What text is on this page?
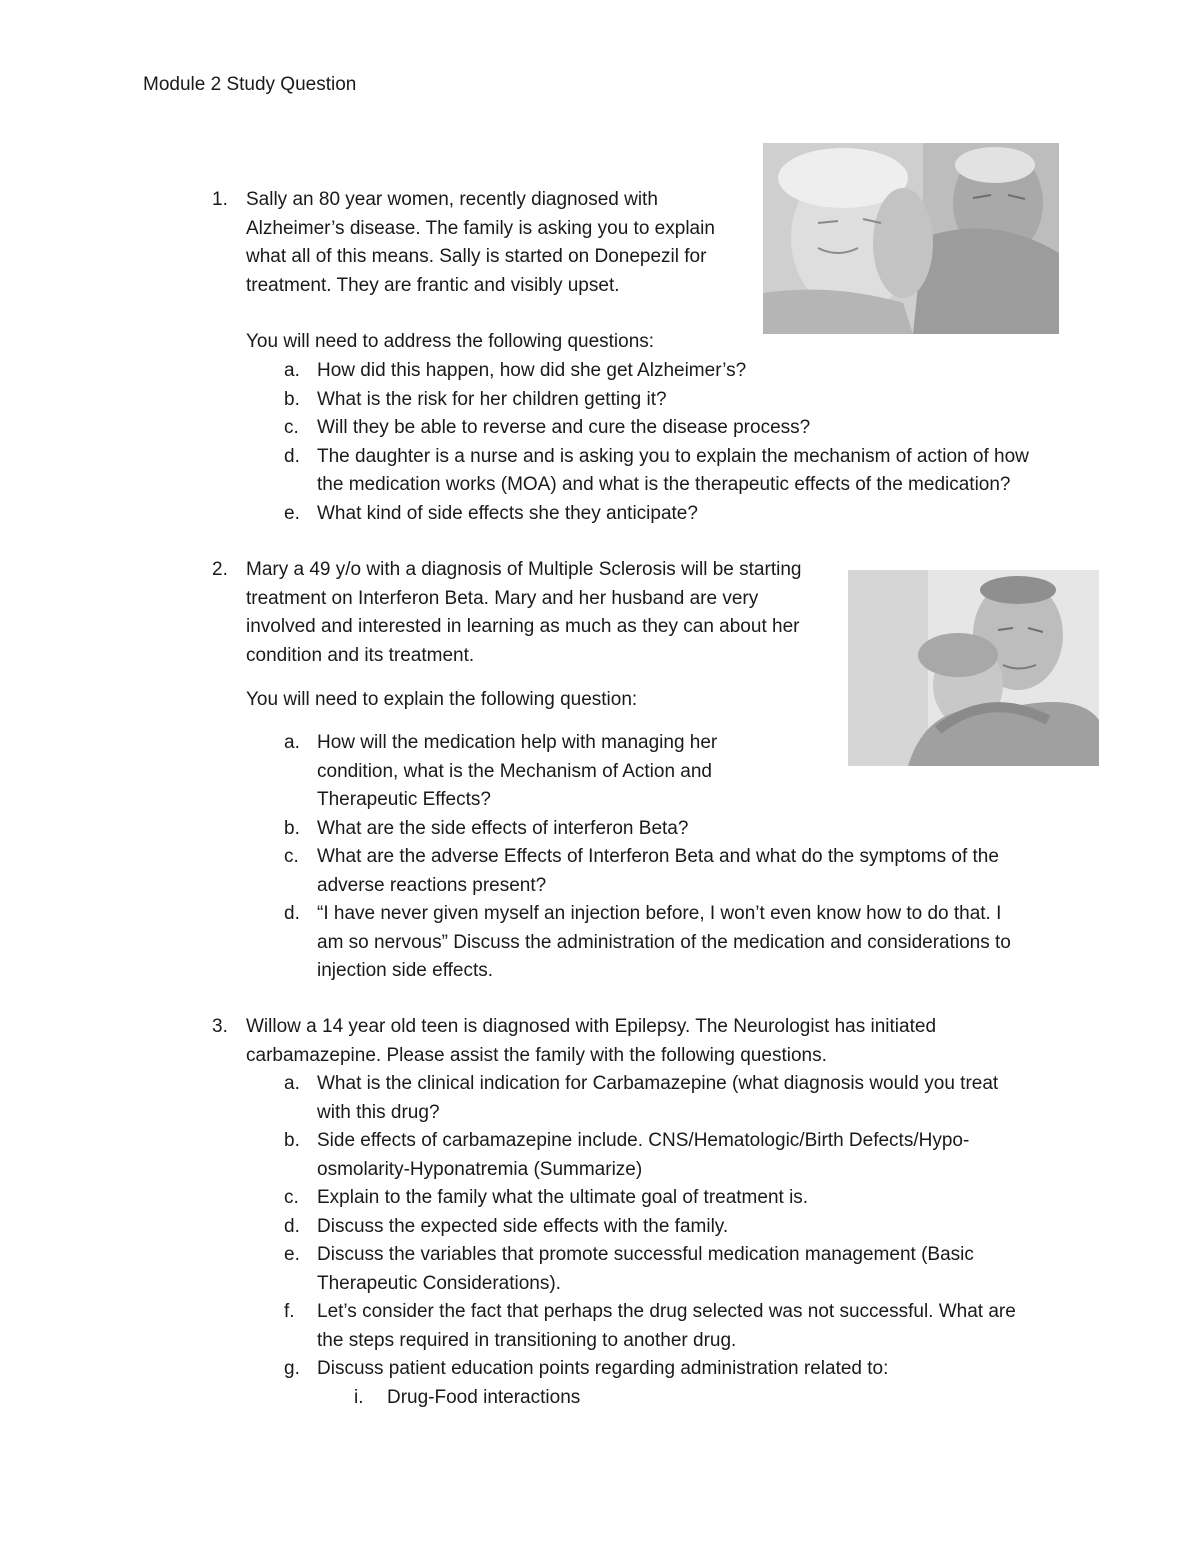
Module 2 Study Question
1. Sally an 80 year women, recently diagnosed with
Alzheimer’s disease. The family is asking you to explain
what all of this means. Sally is started on Donepezil for
treatment. They are frantic and visibly upset.
You will need to address the following questions:
a. How did this happen, how did she get Alzheimer’s?
b. What is the risk for her children getting it?
c. Will they be able to reverse and cure the disease process?
d. The daughter is a nurse and is asking you to explain the mechanism of action of how
the medication works (MOA) and what is the therapeutic effects of the medication?
e. What kind of side effects she they anticipate?
2. Mary a 49 y/o with a diagnosis of Multiple Sclerosis will be starting
treatment on Interferon Beta. Mary and her husband are very
involved and interested in learning as much as they can about her
condition and its treatment.
You will need to explain the following question:
a. How will the medication help with managing her
condition, what is the Mechanism of Action and
Therapeutic Effects?
b. What are the side effects of interferon Beta?
c. What are the adverse Effects of Interferon Beta and what do the symptoms of the
adverse reactions present?
d. “I have never given myself an injection before, I won’t even know how to do that. I
am so nervous” Discuss the administration of the medication and considerations to
injection side effects.
3. Willow a 14 year old teen is diagnosed with Epilepsy. The Neurologist has initiated
carbamazepine. Please assist the family with the following questions.
a. What is the clinical indication for Carbamazepine (what diagnosis would you treat
with this drug?
b. Side effects of carbamazepine include. CNS/Hematologic/Birth Defects/Hypo-
osmolarity-Hyponatremia (Summarize)
c. Explain to the family what the ultimate goal of treatment is.
d. Discuss the expected side effects with the family.
e. Discuss the variables that promote successful medication management (Basic
Therapeutic Considerations).
f. Let’s consider the fact that perhaps the drug selected was not successful. What are
the steps required in transitioning to another drug.
g. Discuss patient education points regarding administration related to:
i. Drug-Food interactions
